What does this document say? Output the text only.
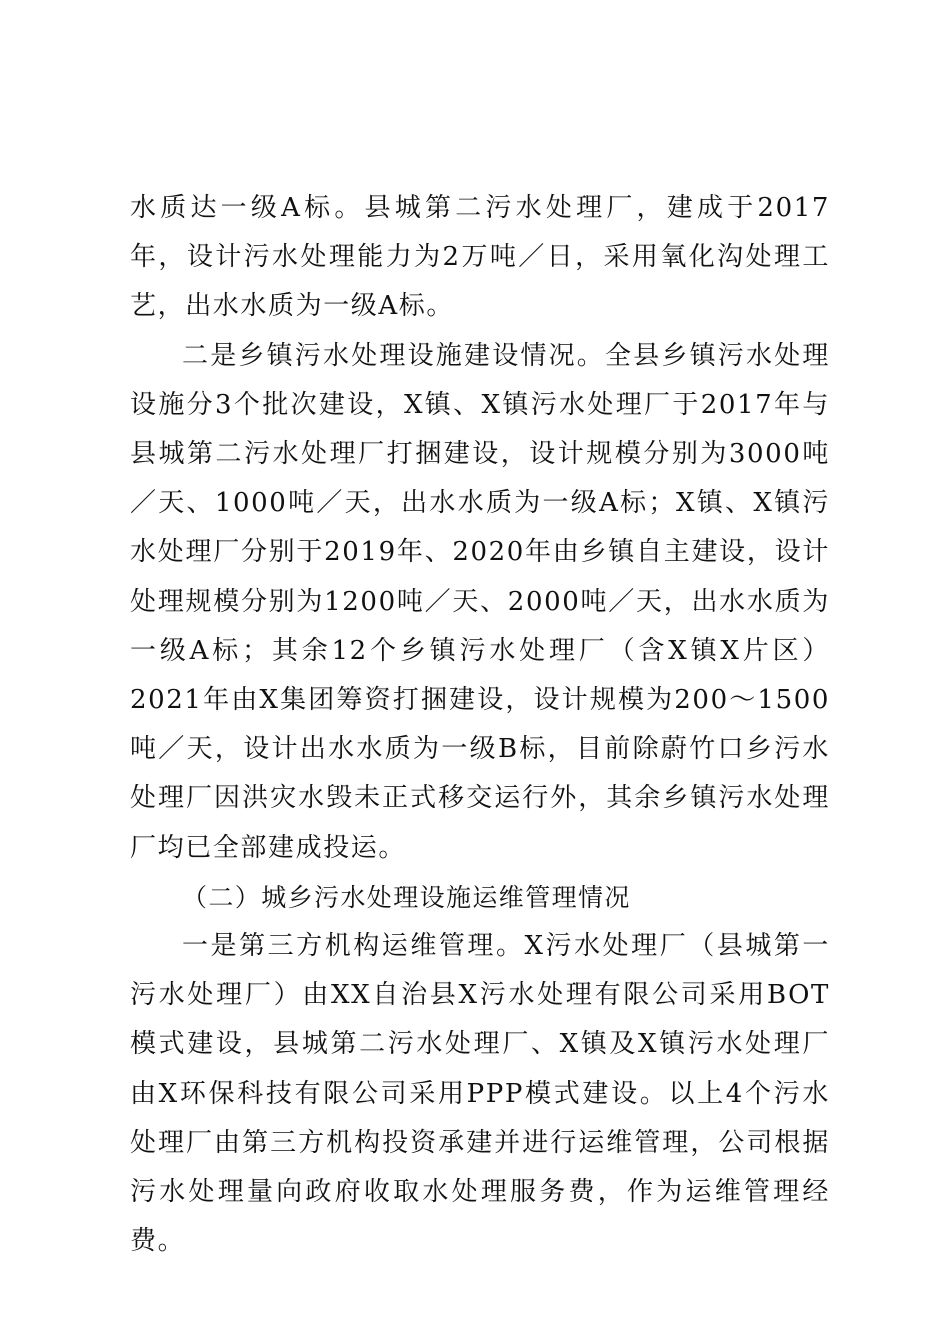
水质达一级A标。县城第二污水处理厂，建成于2017年，设计污水处理能力为2万吨／日，采用氧化沟处理工艺，出水水质为一级A标。

二是乡镇污水处理设施建设情况。全县乡镇污水处理设施分3个批次建设，X镇、X镇污水处理厂于2017年与县城第二污水处理厂打捆建设，设计规模分别为3000吨／天、1000吨／天，出水水质为一级A标；X镇、X镇污水处理厂分别于2019年、2020年由乡镇自主建设，设计处理规模分别为1200吨／天、2000吨／天，出水水质为一级A标；其余12个乡镇污水处理厂（含X镇X片区）2021年由X集团筹资打捆建设，设计规模为200～1500吨／天，设计出水水质为一级B标，目前除蔚竹口乡污水处理厂因洪灾水毁未正式移交运行外，其余乡镇污水处理厂均已全部建成投运。

（二）城乡污水处理设施运维管理情况

一是第三方机构运维管理。X污水处理厂（县城第一污水处理厂）由XX自治县X污水处理有限公司采用BOT模式建设，县城第二污水处理厂、X镇及X镇污水处理厂由X环保科技有限公司采用PPP模式建设。以上4个污水处理厂由第三方机构投资承建并进行运维管理，公司根据污水处理量向政府收取水处理服务费，作为运维管理经费。
